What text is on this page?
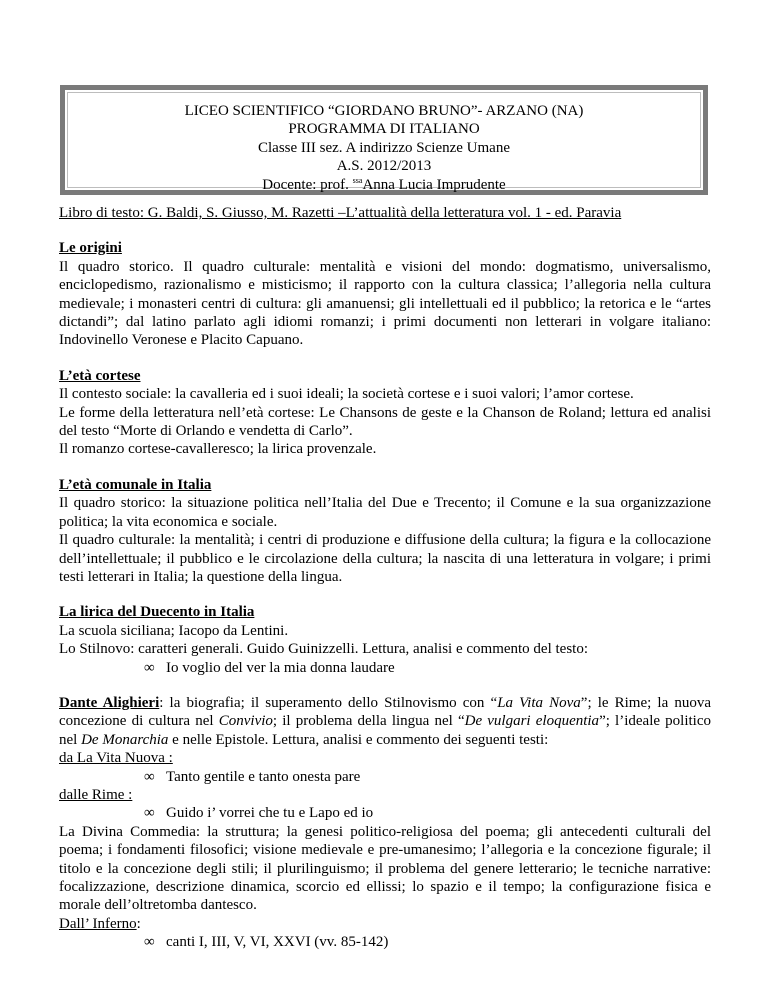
LICEO SCIENTIFICO “GIORDANO BRUNO”- ARZANO (NA)
PROGRAMMA DI ITALIANO
Classe III sez. A indirizzo Scienze Umane
A.S. 2012/2013
Docente: prof. $^{ssa}$Anna Lucia Imprudente

Libro di testo: G. Baldi, S. Giusso, M. Razetti –L’attualità della letteratura vol. 1 - ed. Paravia

Le origini

Il quadro storico. Il quadro culturale: mentalità e visioni del mondo: dogmatismo, universalismo, enciclopedismo, razionalismo e misticismo; il rapporto con la cultura classica; l’allegoria nella cultura medievale; i monasteri centri di cultura: gli amanuensi; gli intellettuali ed il pubblico; la retorica e le “artes dictandi”; dal latino parlato agli idiomi romanzi; i primi documenti non letterari in volgare italiano: Indovinello Veronese e Placito Capuano.

L’età cortese

Il contesto sociale: la cavalleria ed i suoi ideali; la società cortese e i suoi valori; l’amor cortese.

Le forme della letteratura nell’età cortese: Le Chansons de geste e la Chanson de Roland; lettura ed analisi del testo “Morte di Orlando e vendetta di Carlo”.

Il romanzo cortese-cavalleresco; la lirica provenzale.

L’età comunale in Italia

Il quadro storico: la situazione politica nell’Italia del Due e Trecento; il Comune e la sua organizzazione politica; la vita economica e sociale.

Il quadro culturale: la mentalità; i centri di produzione e diffusione della cultura; la figura e la collocazione dell’intellettuale; il pubblico e le circolazione della cultura; la nascita di una letteratura in volgare; i primi testi letterari in Italia; la questione della lingua.

La lirica del Duecento in Italia

La scuola siciliana; Iacopo da Lentini.

Lo Stilnovo: caratteri generali. Guido Guinizzelli. Lettura, analisi e commento del testo:

∞ Io voglio del ver la mia donna laudare

Dante Alighieri: la biografia; il superamento dello Stilnovismo con “La Vita Nova”; le Rime; la nuova concezione di cultura nel Convivio; il problema della lingua nel “De vulgari eloquentia”; l’ideale politico nel De Monarchia e nelle Epistole. Lettura, analisi e commento dei seguenti testi:

da La Vita Nuova :

∞ Tanto gentile e tanto onesta pare

dalle Rime :

∞ Guido i’ vorrei che tu e Lapo ed io

La Divina Commedia: la struttura; la genesi politico-religiosa del poema; gli antecedenti culturali del poema; i fondamenti filosofici; visione medievale e pre-umanesimo; l’allegoria e la concezione figurale; il titolo e la concezione degli stili; il plurilinguismo; il problema del genere letterario; le tecniche narrative: focalizzazione, descrizione dinamica, scorcio ed ellissi; lo spazio e il tempo; la configurazione fisica e morale dell’oltretomba dantesco.

Dall’ Inferno:

∞ canti I, III, V, VI, XXVI (vv. 85-142)
